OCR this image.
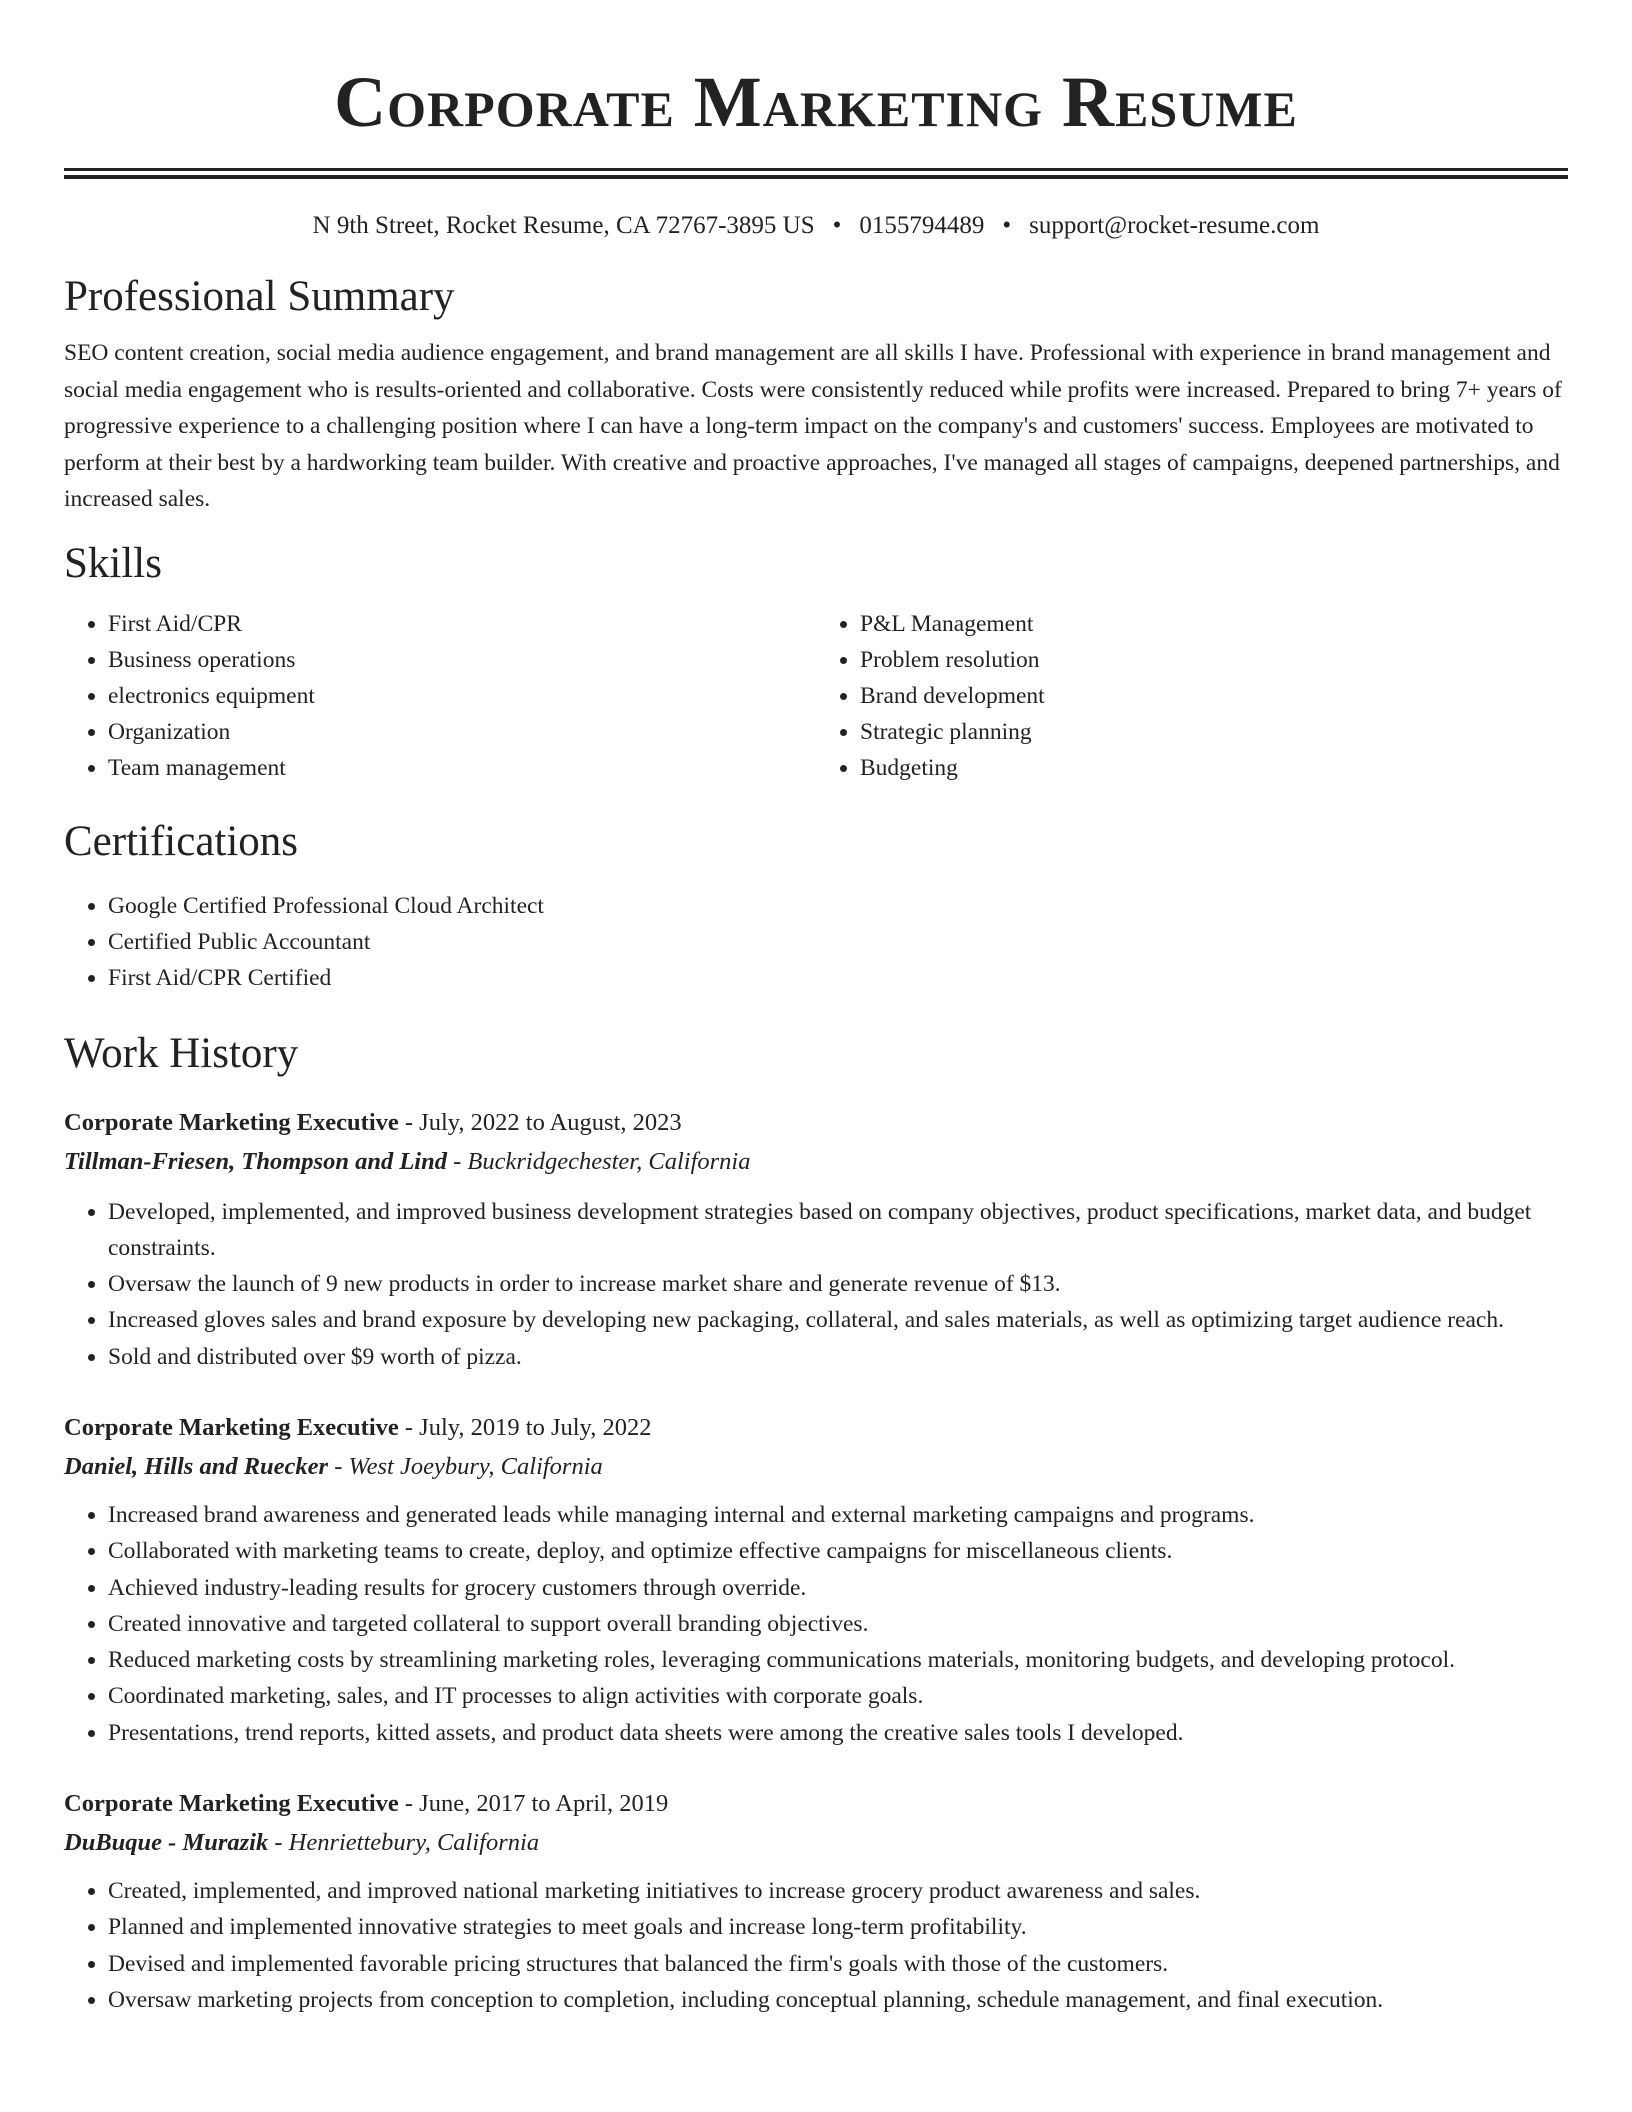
Corporate Marketing Resume
N 9th Street, Rocket Resume, CA 72767-3895 US • 0155794489 • support@rocket-resume.com
Professional Summary
SEO content creation, social media audience engagement, and brand management are all skills I have. Professional with experience in brand management and social media engagement who is results-oriented and collaborative. Costs were consistently reduced while profits were increased. Prepared to bring 7+ years of progressive experience to a challenging position where I can have a long-term impact on the company's and customers' success. Employees are motivated to perform at their best by a hardworking team builder. With creative and proactive approaches, I've managed all stages of campaigns, deepened partnerships, and increased sales.
Skills
• First Aid/CPR
• Business operations
• electronics equipment
• Organization
• Team management
• P&L Management
• Problem resolution
• Brand development
• Strategic planning
• Budgeting
Certifications
• Google Certified Professional Cloud Architect
• Certified Public Accountant
• First Aid/CPR Certified
Work History
Corporate Marketing Executive - July, 2022 to August, 2023
Tillman-Friesen, Thompson and Lind - Buckridgechester, California
• Developed, implemented, and improved business development strategies based on company objectives, product specifications, market data, and budget constraints.
• Oversaw the launch of 9 new products in order to increase market share and generate revenue of $13.
• Increased gloves sales and brand exposure by developing new packaging, collateral, and sales materials, as well as optimizing target audience reach.
• Sold and distributed over $9 worth of pizza.
Corporate Marketing Executive - July, 2019 to July, 2022
Daniel, Hills and Ruecker - West Joeybury, California
• Increased brand awareness and generated leads while managing internal and external marketing campaigns and programs.
• Collaborated with marketing teams to create, deploy, and optimize effective campaigns for miscellaneous clients.
• Achieved industry-leading results for grocery customers through override.
• Created innovative and targeted collateral to support overall branding objectives.
• Reduced marketing costs by streamlining marketing roles, leveraging communications materials, monitoring budgets, and developing protocol.
• Coordinated marketing, sales, and IT processes to align activities with corporate goals.
• Presentations, trend reports, kitted assets, and product data sheets were among the creative sales tools I developed.
Corporate Marketing Executive - June, 2017 to April, 2019
DuBuque - Murazik - Henriettebury, California
• Created, implemented, and improved national marketing initiatives to increase grocery product awareness and sales.
• Planned and implemented innovative strategies to meet goals and increase long-term profitability.
• Devised and implemented favorable pricing structures that balanced the firm's goals with those of the customers.
• Oversaw marketing projects from conception to completion, including conceptual planning, schedule management, and final execution.
